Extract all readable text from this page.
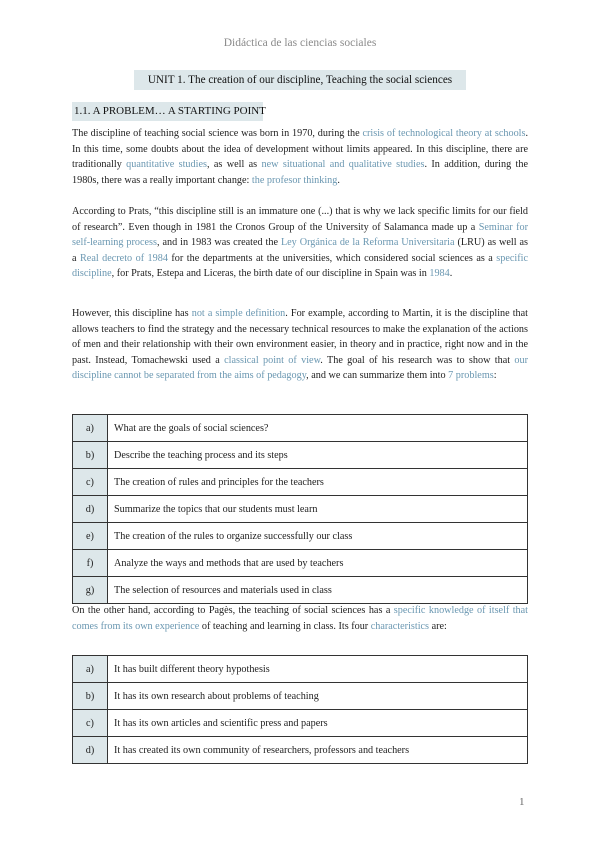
Didáctica de las ciencias sociales
UNIT 1. The creation of our discipline, Teaching the social sciences
1.1. A PROBLEM… A STARTING POINT

The discipline of teaching social science was born in 1970, during the crisis of technological theory at schools. In this time, some doubts about the idea of development without limits appeared. In this discipline, there are traditionally quantitative studies, as well as new situational and qualitative studies. In addition, during the 1980s, there was a really important change: the profesor thinking.

According to Prats, “this discipline still is an immature one (...) that is why we lack specific limits for our field of research”. Even though in 1981 the Cronos Group of the University of Salamanca made up a Seminar for self-learning process, and in 1983 was created the Ley Orgánica de la Reforma Universitaria (LRU) as well as a Real decreto of 1984 for the departments at the universities, which considered social sciences as a specific discipline, for Prats, Estepa and Liceras, the birth date of our discipline in Spain was in 1984.

However, this discipline has not a simple definition. For example, according to Martin, it is the discipline that allows teachers to find the strategy and the necessary technical resources to make the explanation of the actions of men and their relationship with their own environment easier, in theory and in practice, right now and in the past. Instead, Tomachewski used a classical point of view. The goal of his research was to show that our discipline cannot be separated from the aims of pedagogy, and we can summarize them into 7 problems:

a)	What are the goals of social sciences?
b)	Describe the teaching process and its steps
c)	The creation of rules and principles for the teachers
d)	Summarize the topics that our students must learn
e)	The creation of the rules to organize successfully our class
f)	Analyze the ways and methods that are used by teachers
g)	The selection of resources and materials used in class

On the other hand, according to Pagès, the teaching of social sciences has a specific knowledge of itself that comes from its own experience of teaching and learning in class. Its four characteristics are:

a)	It has built different theory hypothesis
b)	It has its own research about problems of teaching
c)	It has its own articles and scientific press and papers
d)	It has created its own community of researchers, professors and teachers
1
